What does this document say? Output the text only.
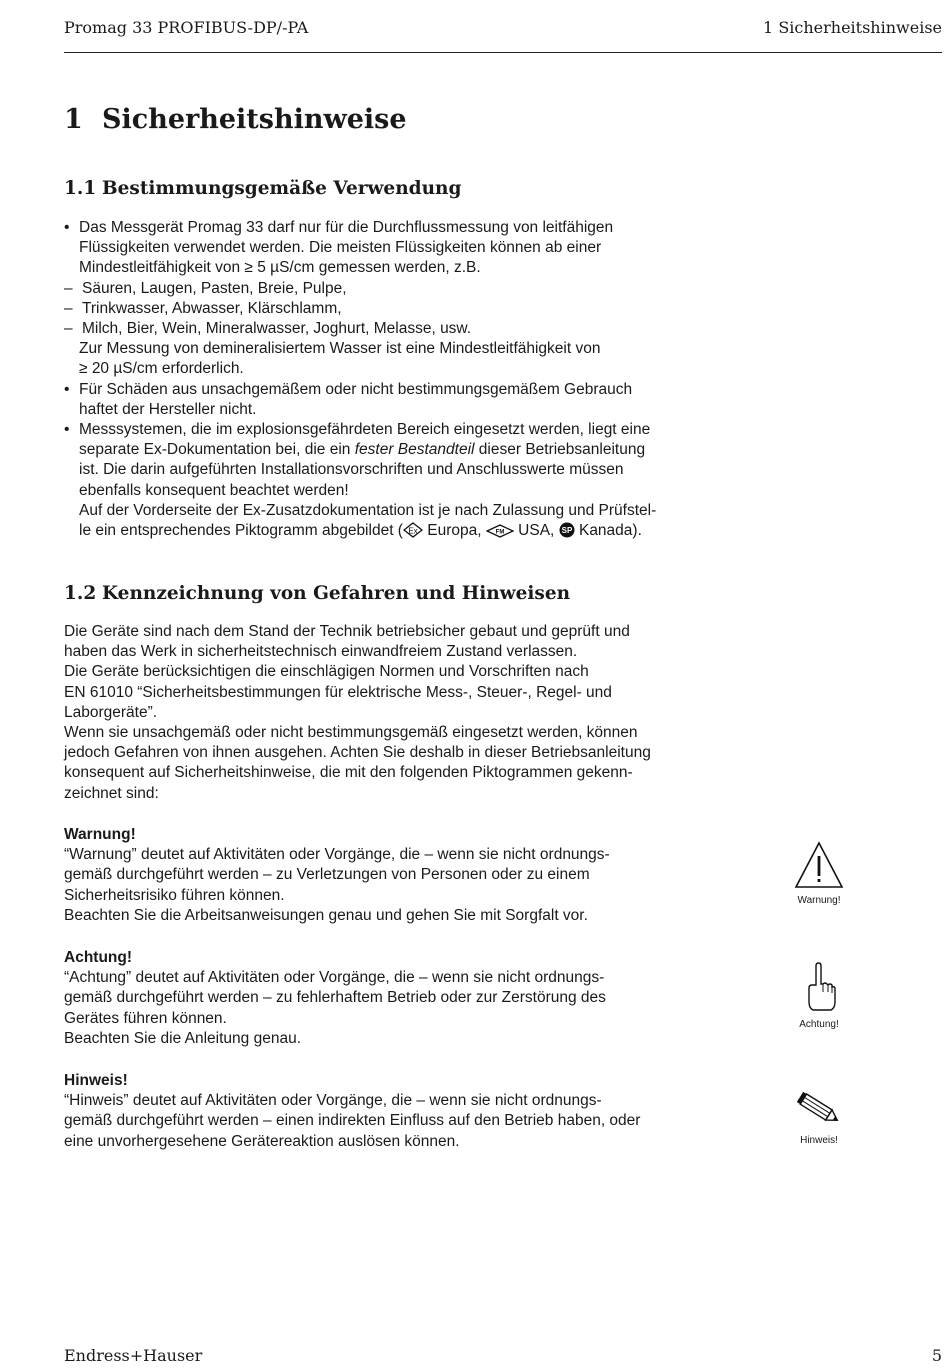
Promag 33 PROFIBUS-DP/-PA	1 Sicherheitshinweise
1 Sicherheitshinweise
1.1 Bestimmungsgemäße Verwendung
• Das Messgerät Promag 33 darf nur für die Durchflussmessung von leitfähigen
Flüssigkeiten verwendet werden. Die meisten Flüssigkeiten können ab einer
Mindestleitfähigkeit von ≥ 5 µS/cm gemessen werden, z.B.
– Säuren, Laugen, Pasten, Breie, Pulpe,
– Trinkwasser, Abwasser, Klärschlamm,
– Milch, Bier, Wein, Mineralwasser, Joghurt, Melasse, usw.
Zur Messung von demineralisiertem Wasser ist eine Mindestleitfähigkeit von
≥ 20 µS/cm erforderlich.
• Für Schäden aus unsachgemäßem oder nicht bestimmungsgemäßem Gebrauch
haftet der Hersteller nicht.
• Messsystemen, die im explosionsgefährdeten Bereich eingesetzt werden, liegt eine
separate Ex-Dokumentation bei, die ein fester Bestandteil dieser Betriebsanleitung
ist. Die darin aufgeführten Installationsvorschriften und Anschlusswerte müssen
ebenfalls konsequent beachtet werden!
Auf der Vorderseite der Ex-Zusatzdokumentation ist je nach Zulassung und Prüfstel-
le ein entsprechendes Piktogramm abgebildet ( Ex Europa, FM USA, SP Kanada).
1.2 Kennzeichnung von Gefahren und Hinweisen
Die Geräte sind nach dem Stand der Technik betriebsicher gebaut und geprüft und
haben das Werk in sicherheitstechnisch einwandfreiem Zustand verlassen.
Die Geräte berücksichtigen die einschlägigen Normen und Vorschriften nach
EN 61010 “Sicherheitsbestimmungen für elektrische Mess-, Steuer-, Regel- und
Laborgeräte”.
Wenn sie unsachgemäß oder nicht bestimmungsgemäß eingesetzt werden, können
jedoch Gefahren von ihnen ausgehen. Achten Sie deshalb in dieser Betriebsanleitung
konsequent auf Sicherheitshinweise, die mit den folgenden Piktogrammen gekenn-
zeichnet sind:
Warnung!
“Warnung” deutet auf Aktivitäten oder Vorgänge, die – wenn sie nicht ordnungs-
gemäß durchgeführt werden – zu Verletzungen von Personen oder zu einem
Sicherheitsrisiko führen können.
Beachten Sie die Arbeitsanweisungen genau und gehen Sie mit Sorgfalt vor.
Warnung!
Achtung!
“Achtung” deutet auf Aktivitäten oder Vorgänge, die – wenn sie nicht ordnungs-
gemäß durchgeführt werden – zu fehlerhaftem Betrieb oder zur Zerstörung des
Gerätes führen können.
Beachten Sie die Anleitung genau.
Achtung!
Hinweis!
“Hinweis” deutet auf Aktivitäten oder Vorgänge, die – wenn sie nicht ordnungs-
gemäß durchgeführt werden – einen indirekten Einfluss auf den Betrieb haben, oder
eine unvorhergesehene Gerätereaktion auslösen können.	Hinweis!
Endress+Hauser	5
